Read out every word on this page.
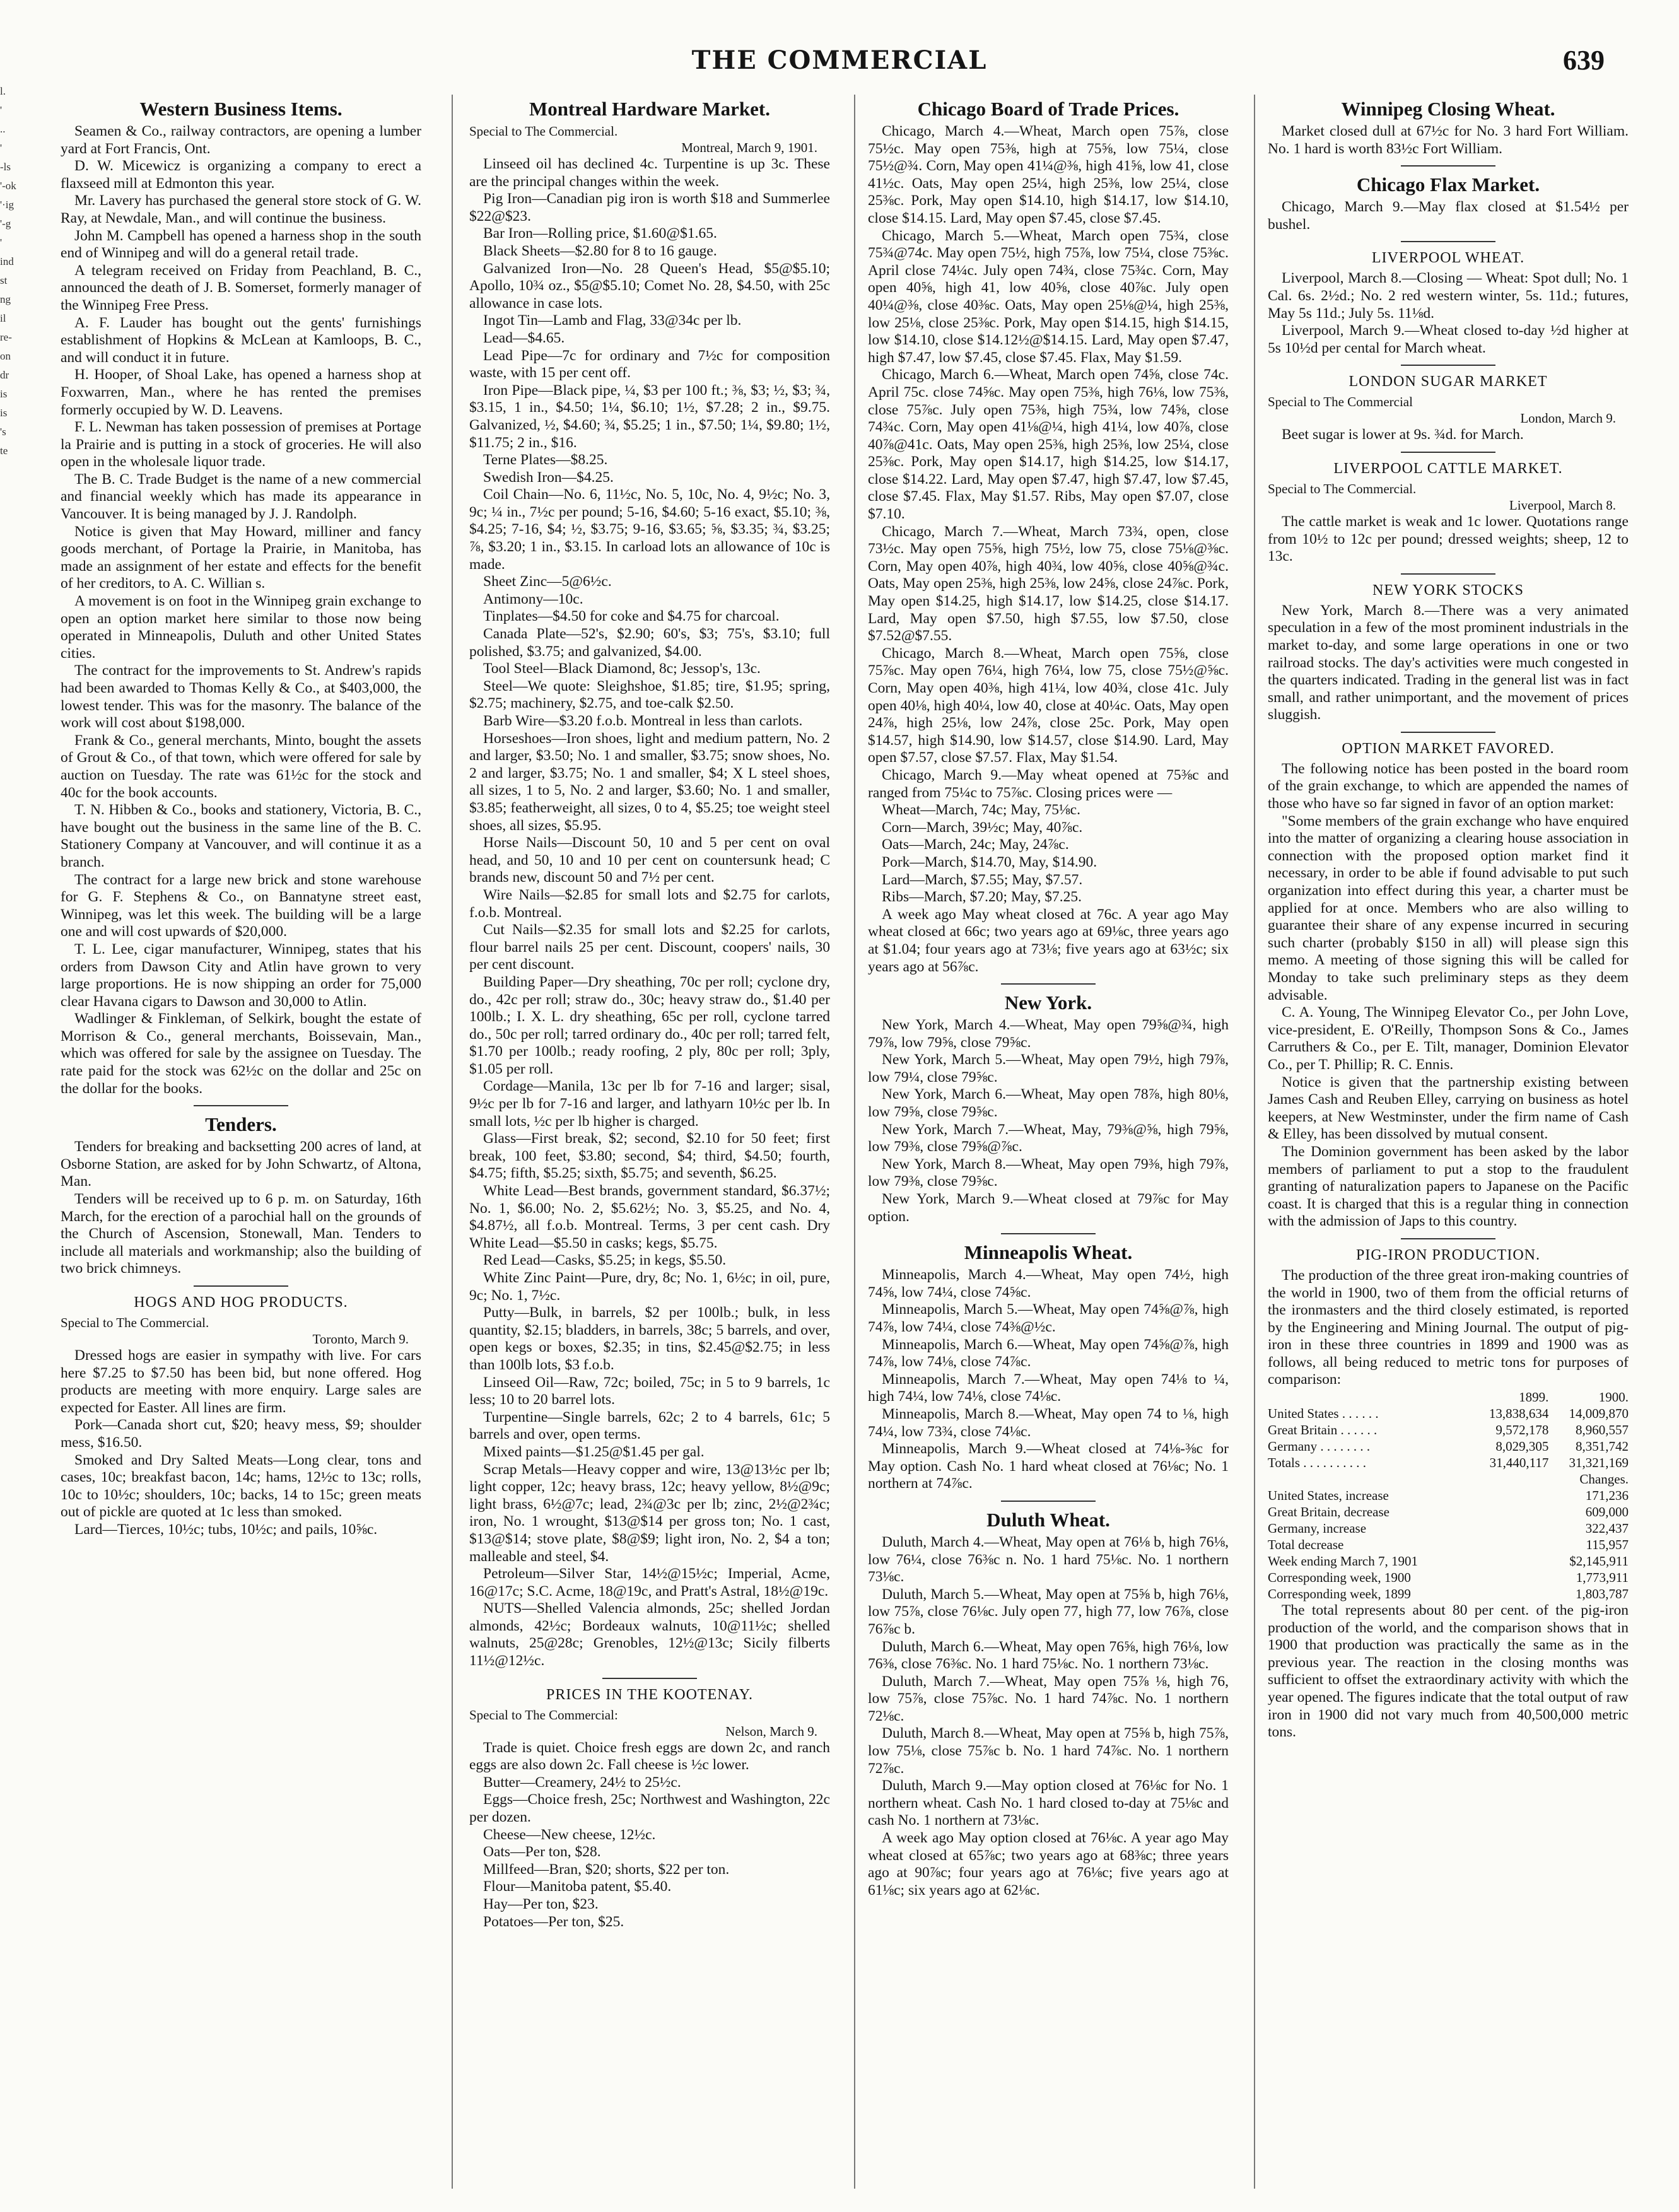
THE COMMERCIAL	639
l.
'
..
'
-ls
'-ok
'·ig
'-g
'
ind
st
ng
il
re-
on
dr
is
is
's
te
Western Business Items.

Seamen & Co., railway contractors, are opening a lumber yard at Fort Francis, Ont.

D. W. Micewicz is organizing a company to erect a flaxseed mill at Edmonton this year.

Mr. Lavery has purchased the general store stock of G. W. Ray, at Newdale, Man., and will continue the business.

John M. Campbell has opened a harness shop in the south end of Winnipeg and will do a general retail trade.

A telegram received on Friday from Peachland, B. C., announced the death of J. B. Somerset, formerly manager of the Winnipeg Free Press.

A. F. Lauder has bought out the gents' furnishings establishment of Hopkins & McLean at Kamloops, B. C., and will conduct it in future.

H. Hooper, of Shoal Lake, has opened a harness shop at Foxwarren, Man., where he has rented the premises formerly occupied by W. D. Leavens.

F. L. Newman has taken possession of premises at Portage la Prairie and is putting in a stock of groceries. He will also open in the wholesale liquor trade.

The B. C. Trade Budget is the name of a new commercial and financial weekly which has made its appearance in Vancouver. It is being managed by J. J. Randolph.

Notice is given that May Howard, milliner and fancy goods merchant, of Portage la Prairie, in Manitoba, has made an assignment of her estate and effects for the benefit of her creditors, to A. C. Willian s.

A movement is on foot in the Winnipeg grain exchange to open an option market here similar to those now being operated in Minneapolis, Duluth and other United States cities.

The contract for the improvements to St. Andrew's rapids had been awarded to Thomas Kelly & Co., at $403,000, the lowest tender. This was for the masonry. The balance of the work will cost about $198,000.

Frank & Co., general merchants, Minto, bought the assets of Grout & Co., of that town, which were offered for sale by auction on Tuesday. The rate was 61½c for the stock and 40c for the book accounts.

T. N. Hibben & Co., books and stationery, Victoria, B. C., have bought out the business in the same line of the B. C. Stationery Company at Vancouver, and will continue it as a branch.

The contract for a large new brick and stone warehouse for G. F. Stephens & Co., on Bannatyne street east, Winnipeg, was let this week. The building will be a large one and will cost upwards of $20,000.

T. L. Lee, cigar manufacturer, Winnipeg, states that his orders from Dawson City and Atlin have grown to very large proportions. He is now shipping an order for 75,000 clear Havana cigars to Dawson and 30,000 to Atlin.

Wadlinger & Finkleman, of Selkirk, bought the estate of Morrison & Co., general merchants, Boissevain, Man., which was offered for sale by the assignee on Tuesday. The rate paid for the stock was 62½c on the dollar and 25c on the dollar for the books.

Tenders.

Tenders for breaking and backsetting 200 acres of land, at Osborne Station, are asked for by John Schwartz, of Altona, Man.

Tenders will be received up to 6 p. m. on Saturday, 16th March, for the erection of a parochial hall on the grounds of the Church of Ascension, Stonewall, Man. Tenders to include all materials and workmanship; also the building of two brick chimneys.

HOGS AND HOG PRODUCTS.
Special to The Commercial.
Toronto, March 9.

Dressed hogs are easier in sympathy with live. For cars here $7.25 to $7.50 has been bid, but none offered. Hog products are meeting with more enquiry. Large sales are expected for Easter. All lines are firm.

Pork—Canada short cut, $20; heavy mess, $9; shoulder mess, $16.50.

Smoked and Dry Salted Meats—Long clear, tons and cases, 10c; breakfast bacon, 14c; hams, 12½c to 13c; rolls, 10c to 10½c; shoulders, 10c; backs, 14 to 15c; green meats out of pickle are quoted at 1c less than smoked.

Lard—Tierces, 10½c; tubs, 10½c; and pails, 10⅝c.

Montreal Hardware Market.
Special to The Commercial.
Montreal, March 9, 1901.

Linseed oil has declined 4c. Turpentine is up 3c. These are the principal changes within the week.

Pig Iron—Canadian pig iron is worth $18 and Summerlee $22@$23.

Bar Iron—Rolling price, $1.60@$1.65.

Black Sheets—$2.80 for 8 to 16 gauge.

Galvanized Iron—No. 28 Queen's Head, $5@$5.10; Apollo, 10¾ oz., $5@$5.10; Comet No. 28, $4.50, with 25c allowance in case lots.

Ingot Tin—Lamb and Flag, 33@34c per lb.

Lead—$4.65.

Lead Pipe—7c for ordinary and 7½c for composition waste, with 15 per cent off.

Iron Pipe—Black pipe, ¼, $3 per 100 ft.; ⅜, $3; ½, $3; ¾, $3.15, 1 in., $4.50; 1¼, $6.10; 1½, $7.28; 2 in., $9.75. Galvanized, ½, $4.60; ¾, $5.25; 1 in., $7.50; 1¼, $9.80; 1½, $11.75; 2 in., $16.

Terne Plates—$8.25.

Swedish Iron—$4.25.

Coil Chain—No. 6, 11½c, No. 5, 10c, No. 4, 9½c; No. 3, 9c; ¼ in., 7½c per pound; 5-16, $4.60; 5-16 exact, $5.10; ⅜, $4.25; 7-16, $4; ½, $3.75; 9-16, $3.65; ⅝, $3.35; ¾, $3.25; ⅞, $3.20; 1 in., $3.15. In carload lots an allowance of 10c is made.

Sheet Zinc—5@6½c.

Antimony—10c.

Tinplates—$4.50 for coke and $4.75 for charcoal.

Canada Plate—52's, $2.90; 60's, $3; 75's, $3.10; full polished, $3.75; and galvanized, $4.00.

Tool Steel—Black Diamond, 8c; Jessop's, 13c.

Steel—We quote: Sleighshoe, $1.85; tire, $1.95; spring, $2.75; machinery, $2.75, and toe-calk $2.50.

Barb Wire—$3.20 f.o.b. Montreal in less than carlots.

Horseshoes—Iron shoes, light and medium pattern, No. 2 and larger, $3.50; No. 1 and smaller, $3.75; snow shoes, No. 2 and larger, $3.75; No. 1 and smaller, $4; X L steel shoes, all sizes, 1 to 5, No. 2 and larger, $3.60; No. 1 and smaller, $3.85; featherweight, all sizes, 0 to 4, $5.25; toe weight steel shoes, all sizes, $5.95.

Horse Nails—Discount 50, 10 and 5 per cent on oval head, and 50, 10 and 10 per cent on countersunk head; C brands new, discount 50 and 7½ per cent.

Wire Nails—$2.85 for small lots and $2.75 for carlots, f.o.b. Montreal.

Cut Nails—$2.35 for small lots and $2.25 for carlots, flour barrel nails 25 per cent. Discount, coopers' nails, 30 per cent discount.

Building Paper—Dry sheathing, 70c per roll; cyclone dry, do., 42c per roll; straw do., 30c; heavy straw do., $1.40 per 100lb.; I. X. L. dry sheathing, 65c per roll, cyclone tarred do., 50c per roll; tarred ordinary do., 40c per roll; tarred felt, $1.70 per 100lb.; ready roofing, 2 ply, 80c per roll; 3ply, $1.05 per roll.

Cordage—Manila, 13c per lb for 7-16 and larger; sisal, 9½c per lb for 7-16 and larger, and lathyarn 10½c per lb. In small lots, ½c per lb higher is charged.

Glass—First break, $2; second, $2.10 for 50 feet; first break, 100 feet, $3.80; second, $4; third, $4.50; fourth, $4.75; fifth, $5.25; sixth, $5.75; and seventh, $6.25.

White Lead—Best brands, government standard, $6.37½; No. 1, $6.00; No. 2, $5.62½; No. 3, $5.25, and No. 4, $4.87½, all f.o.b. Montreal. Terms, 3 per cent cash. Dry White Lead—$5.50 in casks; kegs, $5.75.

Red Lead—Casks, $5.25; in kegs, $5.50.

White Zinc Paint—Pure, dry, 8c; No. 1, 6½c; in oil, pure, 9c; No. 1, 7½c.

Putty—Bulk, in barrels, $2 per 100lb.; bulk, in less quantity, $2.15; bladders, in barrels, 38c; 5 barrels, and over, open kegs or boxes, $2.35; in tins, $2.45@$2.75; in less than 100lb lots, $3 f.o.b.

Linseed Oil—Raw, 72c; boiled, 75c; in 5 to 9 barrels, 1c less; 10 to 20 barrel lots.

Turpentine—Single barrels, 62c; 2 to 4 barrels, 61c; 5 barrels and over, open terms.

Mixed paints—$1.25@$1.45 per gal.

Scrap Metals—Heavy copper and wire, 13@13½c per lb; light copper, 12c; heavy brass, 12c; heavy yellow, 8½@9c; light brass, 6½@7c; lead, 2¾@3c per lb; zinc, 2½@2¾c; iron, No. 1 wrought, $13@$14 per gross ton; No. 1 cast, $13@$14; stove plate, $8@$9; light iron, No. 2, $4 a ton; malleable and steel, $4.

Petroleum—Silver Star, 14½@15½c; Imperial, Acme, 16@17c; S.C. Acme, 18@19c, and Pratt's Astral, 18½@19c.

NUTS—Shelled Valencia almonds, 25c; shelled Jordan almonds, 42½c; Bordeaux walnuts, 10@11½c; shelled walnuts, 25@28c; Grenobles, 12½@13c; Sicily filberts 11½@12½c.

PRICES IN THE KOOTENAY.
Special to The Commercial:
Nelson, March 9.

Trade is quiet. Choice fresh eggs are down 2c, and ranch eggs are also down 2c. Fall cheese is ½c lower.

Butter—Creamery, 24½ to 25½c.

Eggs—Choice fresh, 25c; Northwest and Washington, 22c per dozen.

Cheese—New cheese, 12½c.

Oats—Per ton, $28.

Millfeed—Bran, $20; shorts, $22 per ton.

Flour—Manitoba patent, $5.40.

Hay—Per ton, $23.

Potatoes—Per ton, $25.

Chicago Board of Trade Prices.

Chicago, March 4.—Wheat, March open 75⅞, close 75½c. May open 75⅜, high at 75⅝, low 75¼, close 75½@¾. Corn, May open 41¼@⅜, high 41⅝, low 41, close 41½c. Oats, May open 25¼, high 25⅜, low 25¼, close 25⅜c. Pork, May open $14.10, high $14.17, low $14.10, close $14.15. Lard, May open $7.45, close $7.45.

Chicago, March 5.—Wheat, March open 75¾, close 75¾@74c. May open 75½, high 75⅞, low 75¼, close 75⅜c. April close 74¼c. July open 74¾, close 75¾c. Corn, May open 40⅝, high 41, low 40⅝, close 40⅞c. July open 40¼@⅜, close 40⅜c. Oats, May open 25⅛@¼, high 25⅜, low 25⅛, close 25⅜c. Pork, May open $14.15, high $14.15, low $14.10, close $14.12½@$14.15. Lard, May open $7.47, high $7.47, low $7.45, close $7.45. Flax, May $1.59.

Chicago, March 6.—Wheat, March open 74⅝, close 74c. April 75c. close 74⅝c. May open 75⅜, high 76⅛, low 75⅜, close 75⅞c. July open 75⅜, high 75¾, low 74⅝, close 74¾c. Corn, May open 41⅛@¼, high 41¼, low 40⅞, close 40⅞@41c. Oats, May open 25⅜, high 25⅜, low 25¼, close 25⅜c. Pork, May open $14.17, high $14.25, low $14.17, close $14.22. Lard, May open $7.47, high $7.47, low $7.45, close $7.45. Flax, May $1.57. Ribs, May open $7.07, close $7.10.

Chicago, March 7.—Wheat, March 73¾, open, close 73½c. May open 75⅝, high 75½, low 75, close 75⅛@⅜c. Corn, May open 40⅞, high 40¾, low 40⅝, close 40⅝@¾c. Oats, May open 25⅜, high 25⅜, low 24⅝, close 24⅞c. Pork, May open $14.25, high $14.17, low $14.25, close $14.17. Lard, May open $7.50, high $7.55, low $7.50, close $7.52@$7.55.

Chicago, March 8.—Wheat, March open 75⅝, close 75⅞c. May open 76¼, high 76¼, low 75, close 75½@⅝c. Corn, May open 40⅜, high 41¼, low 40¾, close 41c. July open 40⅛, high 40¼, low 40, close at 40¼c. Oats, May open 24⅞, high 25⅛, low 24⅞, close 25c. Pork, May open $14.57, high $14.90, low $14.57, close $14.90. Lard, May open $7.57, close $7.57. Flax, May $1.54.

Chicago, March 9.—May wheat opened at 75⅜c and ranged from 75¼c to 75⅞c. Closing prices were —

Wheat—March, 74c; May, 75⅛c.

Corn—March, 39½c; May, 40⅞c.

Oats—March, 24c; May, 24⅞c.

Pork—March, $14.70, May, $14.90.

Lard—March, $7.55; May, $7.57.

Ribs—March, $7.20; May, $7.25.

A week ago May wheat closed at 76c. A year ago May wheat closed at 66c; two years ago at 69⅛c, three years ago at $1.04; four years ago at 73⅛; five years ago at 63½c; six years ago at 56⅞c.

New York.

New York, March 4.—Wheat, May open 79⅝@¾, high 79⅞, low 79⅝, close 79⅝c.

New York, March 5.—Wheat, May open 79½, high 79⅞, low 79¼, close 79⅝c.

New York, March 6.—Wheat, May open 78⅞, high 80⅛, low 79⅝, close 79⅝c.

New York, March 7.—Wheat, May, 79⅜@⅝, high 79⅝, low 79⅜, close 79⅝@⅞c.

New York, March 8.—Wheat, May open 79⅜, high 79⅞, low 79⅜, close 79⅝c.

New York, March 9.—Wheat closed at 79⅞c for May option.

Minneapolis Wheat.

Minneapolis, March 4.—Wheat, May open 74½, high 74⅝, low 74¼, close 74⅝c.

Minneapolis, March 5.—Wheat, May open 74⅝@⅞, high 74⅞, low 74¼, close 74⅜@½c.

Minneapolis, March 6.—Wheat, May open 74⅝@⅞, high 74⅞, low 74⅛, close 74⅞c.

Minneapolis, March 7.—Wheat, May open 74⅛ to ¼, high 74¼, low 74⅛, close 74⅛c.

Minneapolis, March 8.—Wheat, May open 74 to ⅛, high 74¼, low 73¾, close 74⅛c.

Minneapolis, March 9.—Wheat closed at 74⅛-⅜c for May option. Cash No. 1 hard wheat closed at 76⅛c; No. 1 northern at 74⅞c.

Duluth Wheat.

Duluth, March 4.—Wheat, May open at 76⅛ b, high 76⅛, low 76¼, close 76⅜c n. No. 1 hard 75⅛c. No. 1 northern 73⅛c.

Duluth, March 5.—Wheat, May open at 75⅝ b, high 76⅛, low 75⅞, close 76⅛c. July open 77, high 77, low 76⅞, close 76⅞c b.

Duluth, March 6.—Wheat, May open 76⅝, high 76⅛, low 76⅜, close 76⅜c. No. 1 hard 75⅛c. No. 1 northern 73⅛c.

Duluth, March 7.—Wheat, May open 75⅞ ⅛, high 76, low 75⅞, close 75⅞c. No. 1 hard 74⅞c. No. 1 northern 72⅛c.

Duluth, March 8.—Wheat, May open at 75⅝ b, high 75⅞, low 75⅛, close 75⅞c b. No. 1 hard 74⅞c. No. 1 northern 72⅞c.

Duluth, March 9.—May option closed at 76⅛c for No. 1 northern wheat. Cash No. 1 hard closed to-day at 75⅛c and cash No. 1 northern at 73⅛c.

A week ago May option closed at 76⅛c. A year ago May wheat closed at 65⅞c; two years ago at 68⅜c; three years ago at 90⅞c; four years ago at 76⅛c; five years ago at 61⅛c; six years ago at 62⅛c.

Winnipeg Closing Wheat.

Market closed dull at 67½c for No. 3 hard Fort William. No. 1 hard is worth 83½c Fort William.

Chicago Flax Market.

Chicago, March 9.—May flax closed at $1.54½ per bushel.

LIVERPOOL WHEAT.

Liverpool, March 8.—Closing — Wheat: Spot dull; No. 1 Cal. 6s. 2½d.; No. 2 red western winter, 5s. 11d.; futures, May 5s 11d.; July 5s. 11⅛d.

Liverpool, March 9.—Wheat closed to-day ½d higher at 5s 10½d per cental for March wheat.

LONDON SUGAR MARKET
Special to The Commercial
London, March 9.

Beet sugar is lower at 9s. ¾d. for March.

LIVERPOOL CATTLE MARKET.
Special to The Commercial.
Liverpool, March 8.

The cattle market is weak and 1c lower. Quotations range from 10½ to 12c per pound; dressed weights; sheep, 12 to 13c.

NEW YORK STOCKS

New York, March 8.—There was a very animated speculation in a few of the most prominent industrials in the market to-day, and some large operations in one or two railroad stocks. The day's activities were much congested in the quarters indicated. Trading in the general list was in fact small, and rather unimportant, and the movement of prices sluggish.

OPTION MARKET FAVORED.

The following notice has been posted in the board room of the grain exchange, to which are appended the names of those who have so far signed in favor of an option market:

"Some members of the grain exchange who have enquired into the matter of organizing a clearing house association in connection with the proposed option market find it necessary, in order to be able if found advisable to put such organization into effect during this year, a charter must be applied for at once. Members who are also willing to guarantee their share of any expense incurred in securing such charter (probably $150 in all) will please sign this memo. A meeting of those signing this will be called for Monday to take such preliminary steps as they deem advisable.

C. A. Young, The Winnipeg Elevator Co., per John Love, vice-president, E. O'Reilly, Thompson Sons & Co., James Carruthers & Co., per E. Tilt, manager, Dominion Elevator Co., per T. Phillip; R. C. Ennis.

Notice is given that the partnership existing between James Cash and Reuben Elley, carrying on business as hotel keepers, at New Westminster, under the firm name of Cash & Elley, has been dissolved by mutual consent.

The Dominion government has been asked by the labor members of parliament to put a stop to the fraudulent granting of naturalization papers to Japanese on the Pacific coast. It is charged that this is a regular thing in connection with the admission of Japs to this country.

PIG-IRON PRODUCTION.

The production of the three great iron-making countries of the world in 1900, two of them from the official returns of the ironmasters and the third closely estimated, is reported by the Engineering and Mining Journal. The output of pig-iron in these three countries in 1899 and 1900 was as follows, all being reduced to metric tons for purposes of comparison:

	1899.	1900.
United States . . . . . .	13,838,634	14,009,870
Great Britain . . . . . .	9,572,178	8,960,557
Germany . . . . . . . .	8,029,305	8,351,742
Totals . . . . . . . . . .	31,440,117	31,321,169
	Changes.	
United States, increase	171,236	
Great Britain, decrease	609,000	
Germany, increase	322,437	
Total decrease	115,957	
Week ending March 7, 1901	$2,145,911	
Corresponding week, 1900	1,773,911	
Corresponding week, 1899	1,803,787	

The total represents about 80 per cent. of the pig-iron production of the world, and the comparison shows that in 1900 that production was practically the same as in the previous year. The reaction in the closing months was sufficient to offset the extraordinary activity with which the year opened. The figures indicate that the total output of raw iron in 1900 did not vary much from 40,500,000 metric tons.
